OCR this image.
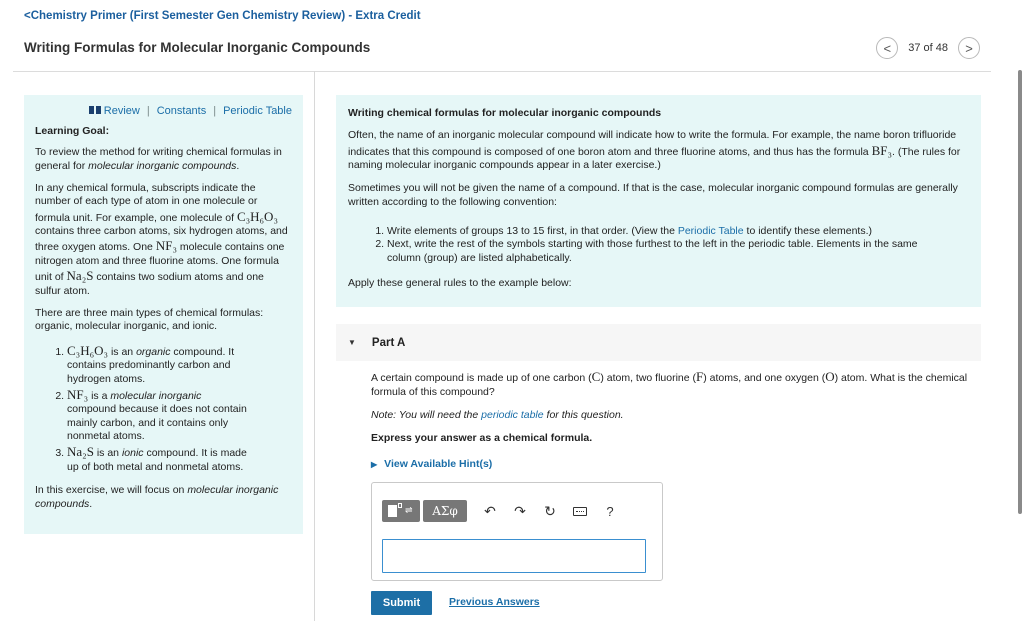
<Chemistry Primer (First Semester Gen Chemistry Review) - Extra Credit
Writing Formulas for Molecular Inorganic Compounds	< 37 of 48 >
Review | Constants | Periodic Table
Learning Goal:

To review the method for writing chemical formulas in general for molecular inorganic compounds.

In any chemical formula, subscripts indicate the number of each type of atom in one molecule or formula unit. For example, one molecule of C₃H₆O₃ contains three carbon atoms, six hydrogen atoms, and three oxygen atoms. One NF₃ molecule contains one nitrogen atom and three fluorine atoms. One formula unit of Na₂S contains two sodium atoms and one sulfur atom.

There are three main types of chemical formulas: organic, molecular inorganic, and ionic.

1. C₃H₆O₃ is an organic compound. It contains predominantly carbon and hydrogen atoms.
2. NF₃ is a molecular inorganic compound because it does not contain mainly carbon, and it contains only nonmetal atoms.
3. Na₂S is an ionic compound. It is made up of both metal and nonmetal atoms.

In this exercise, we will focus on molecular inorganic compounds.

Writing chemical formulas for molecular inorganic compounds

Often, the name of an inorganic molecular compound will indicate how to write the formula. For example, the name boron trifluoride indicates that this compound is composed of one boron atom and three fluorine atoms, and thus has the formula BF₃. (The rules for naming molecular inorganic compounds appear in a later exercise.)

Sometimes you will not be given the name of a compound. If that is the case, molecular inorganic compound formulas are generally written according to the following convention:

1. Write elements of groups 13 to 15 first, in that order. (View the Periodic Table to identify these elements.)
2. Next, write the rest of the symbols starting with those furthest to the left in the periodic table. Elements in the same column (group) are listed alphabetically.

Apply these general rules to the example below:

▼ Part A

A certain compound is made up of one carbon (C) atom, two fluorine (F) atoms, and one oxygen (O) atom. What is the chemical formula of this compound?

Note: You will need the periodic table for this question.

Express your answer as a chemical formula.

▶ View Available Hint(s)
⇌	ΑΣφ	↶ ↷ ↻	?
Submit	Previous Answers
